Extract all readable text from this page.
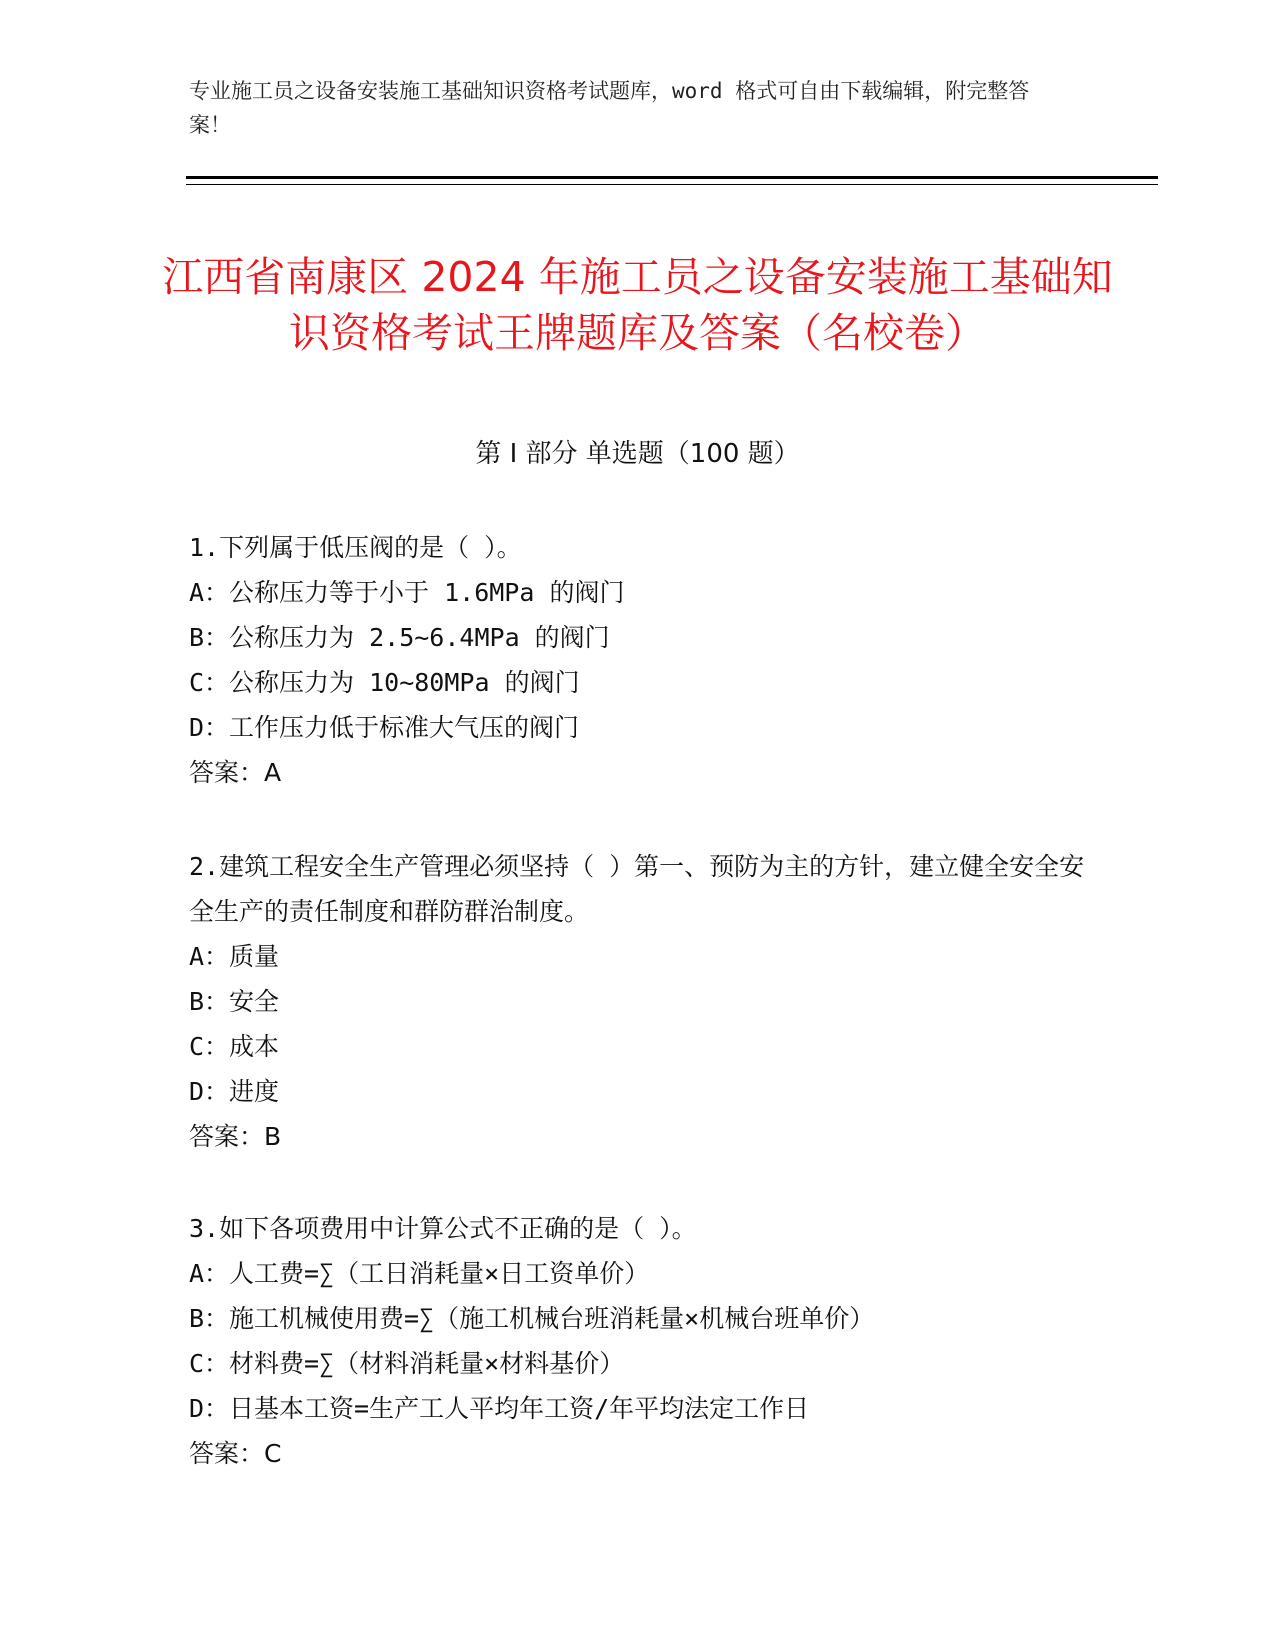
专业施工员之设备安装施工基础知识资格考试题库，word 格式可自由下载编辑，附完整答案！
江西省南康区 2024 年施工员之设备安装施工基础知识资格考试王牌题库及答案（名校卷）
第 I 部分 单选题（100 题）

1.下列属于低压阀的是（ ）。

A：公称压力等于小于 1.6MPa 的阀门

B：公称压力为 2.5~6.4MPa 的阀门

C：公称压力为 10~80MPa 的阀门

D：工作压力低于标准大气压的阀门

答案：A

2.建筑工程安全生产管理必须坚持（ ）第一、预防为主的方针，建立健全安全安全生产的责任制度和群防群治制度。

A：质量

B：安全

C：成本

D：进度

答案：B

3.如下各项费用中计算公式不正确的是（ ）。

A：人工费=∑（工日消耗量×日工资单价）

B：施工机械使用费=∑（施工机械台班消耗量×机械台班单价）

C：材料费=∑（材料消耗量×材料基价）

D：日基本工资=生产工人平均年工资/年平均法定工作日

答案：C
